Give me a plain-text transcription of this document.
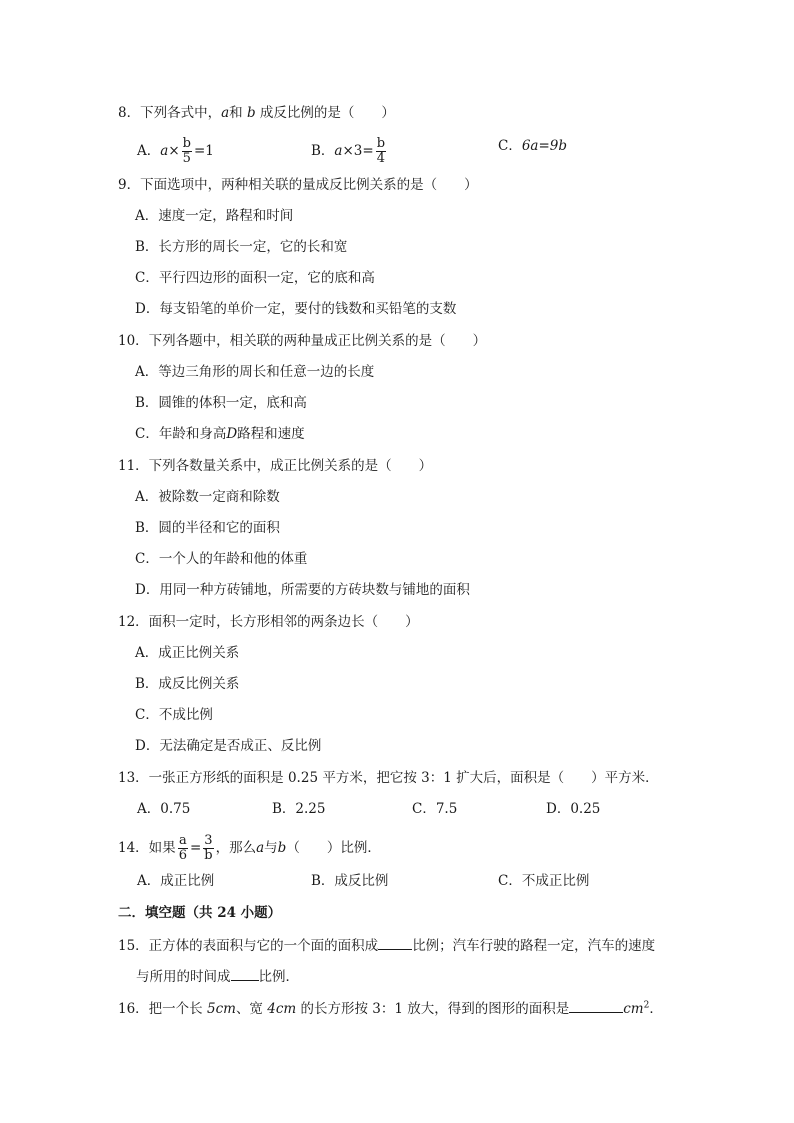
8．下列各式中，a和 b 成反比例的是（　　）
A．$a\times \frac{b}{5} =1$	B．$a\times 3= \frac{b}{4}$	C．6a=9b
9．下面选项中，两种相关联的量成反比例关系的是（　　）
A．速度一定，路程和时间
B．长方形的周长一定，它的长和宽
C．平行四边形的面积一定，它的底和高
D．每支铅笔的单价一定，要付的钱数和买铅笔的支数
10．下列各题中，相关联的两种量成正比例关系的是（　　）
A．等边三角形的周长和任意一边的长度
B．圆锥的体积一定，底和高
C．年龄和身高D路程和速度
11．下列各数量关系中，成正比例关系的是（　　）
A．被除数一定商和除数
B．圆的半径和它的面积
C．一个人的年龄和他的体重
D．用同一种方砖铺地，所需要的方砖块数与铺地的面积
12．面积一定时，长方形相邻的两条边长（　　）
A．成正比例关系
B．成反比例关系
C．不成比例
D．无法确定是否成正、反比例
13．一张正方形纸的面积是 0.25 平方米，把它按 3：1 扩大后，面积是（　　）平方米．
A．0.75	B．2.25	C．7.5	D．0.25
14．如果 $\frac{a}{6} = \frac{3}{b}$ ，那么a与b（　　）比例．
A．成正比例	B．成反比例	C．不成正比例
二．填空题（共 24 小题）
15．正方体的表面积与它的一个面的面积成	比例；汽车行驶的路程一定，汽车的速度
与所用的时间成 比例．
16．把一个长 5cm、宽 4cm 的长方形按 3：1 放大，得到的图形的面积是	$cm^2$．
